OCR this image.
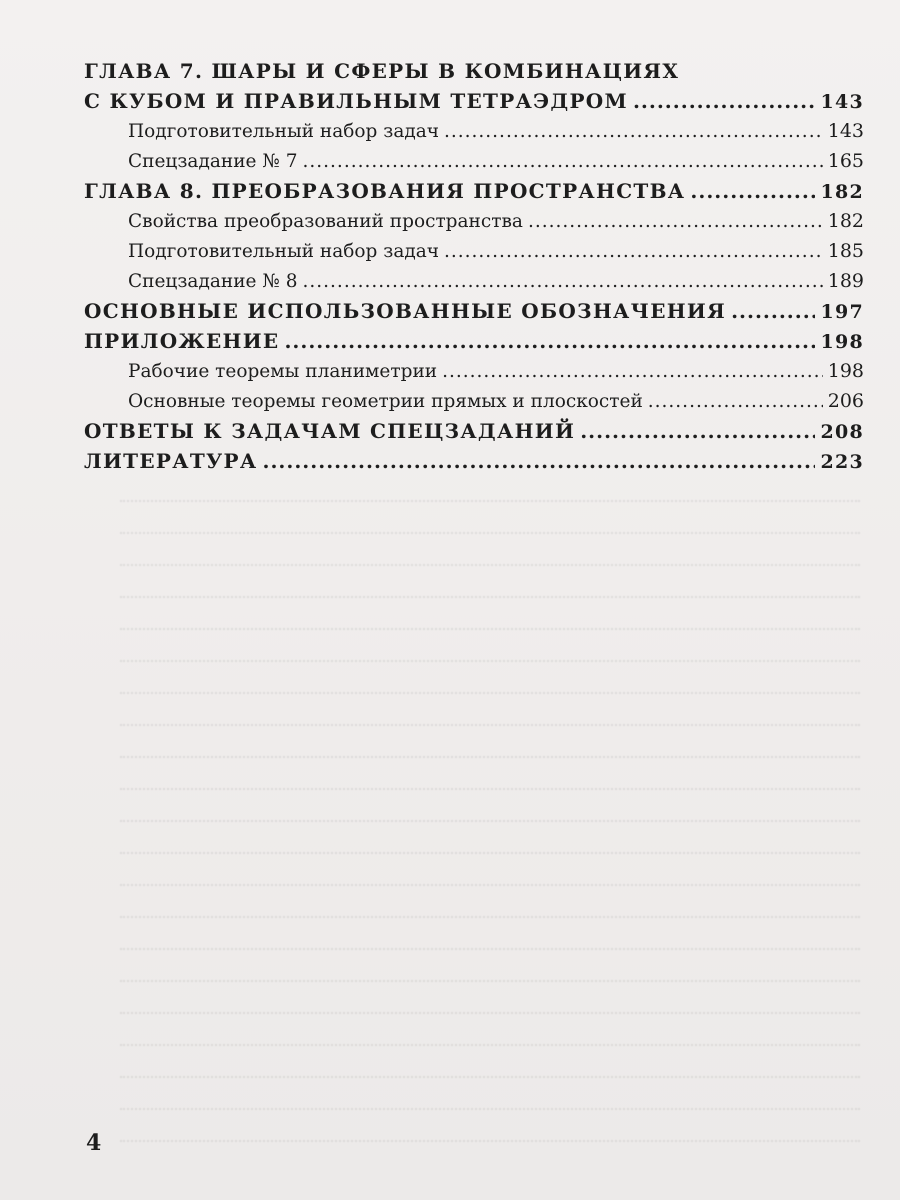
ГЛАВА 7. ШАРЫ И СФЕРЫ В КОМБИНАЦИЯХ
С КУБОМ И ПРАВИЛЬНЫМ ТЕТРАЭДРОМ .....	143
Подготовительный набор задач .....	143
Спецзадание № 7 .....	165
ГЛАВА 8. ПРЕОБРАЗОВАНИЯ ПРОСТРАНСТВА .....	182
Свойства преобразований пространства .....	182
Подготовительный набор задач .....	185
Спецзадание № 8 .....	189
ОСНОВНЫЕ ИСПОЛЬЗОВАННЫЕ ОБОЗНАЧЕНИЯ .....	197
ПРИЛОЖЕНИЕ .....	198
Рабочие теоремы планиметрии .....	198
Основные теоремы геометрии прямых и плоскостей .....	206
ОТВЕТЫ К ЗАДАЧАМ СПЕЦЗАДАНИЙ .....	208
ЛИТЕРАТУРА .....	223
4
